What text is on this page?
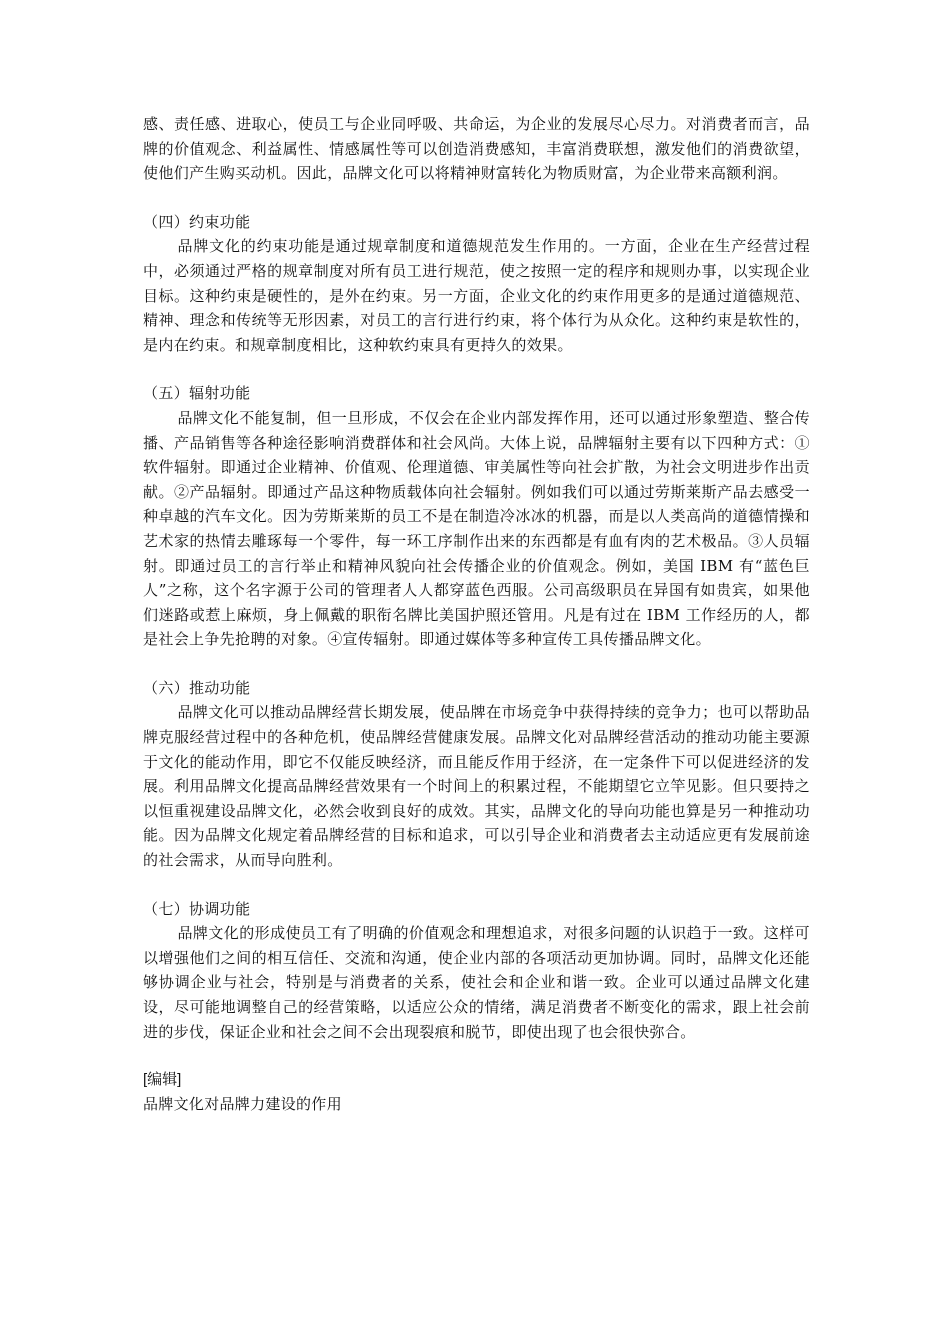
感、责任感、进取心，使员工与企业同呼吸、共命运，为企业的发展尽心尽力。对消费者而言，品牌的价值观念、利益属性、情感属性等可以创造消费感知，丰富消费联想，激发他们的消费欲望，使他们产生购买动机。因此，品牌文化可以将精神财富转化为物质财富，为企业带来高额利润。

（四）约束功能

品牌文化的约束功能是通过规章制度和道德规范发生作用的。一方面，企业在生产经营过程中，必须通过严格的规章制度对所有员工进行规范，使之按照一定的程序和规则办事，以实现企业目标。这种约束是硬性的，是外在约束。另一方面，企业文化的约束作用更多的是通过道德规范、精神、理念和传统等无形因素，对员工的言行进行约束，将个体行为从众化。这种约束是软性的，是内在约束。和规章制度相比，这种软约束具有更持久的效果。

（五）辐射功能

品牌文化不能复制，但一旦形成，不仅会在企业内部发挥作用，还可以通过形象塑造、整合传播、产品销售等各种途径影响消费群体和社会风尚。大体上说，品牌辐射主要有以下四种方式：①软件辐射。即通过企业精神、价值观、伦理道德、审美属性等向社会扩散，为社会文明进步作出贡献。②产品辐射。即通过产品这种物质载体向社会辐射。例如我们可以通过劳斯莱斯产品去感受一种卓越的汽车文化。因为劳斯莱斯的员工不是在制造冷冰冰的机器，而是以人类高尚的道德情操和艺术家的热情去雕琢每一个零件，每一环工序制作出来的东西都是有血有肉的艺术极品。③人员辐射。即通过员工的言行举止和精神风貌向社会传播企业的价值观念。例如，美国 IBM 有“蓝色巨人”之称，这个名字源于公司的管理者人人都穿蓝色西服。公司高级职员在异国有如贵宾，如果他们迷路或惹上麻烦，身上佩戴的职衔名牌比美国护照还管用。凡是有过在 IBM 工作经历的人，都是社会上争先抢聘的对象。④宣传辐射。即通过媒体等多种宣传工具传播品牌文化。

（六）推动功能

品牌文化可以推动品牌经营长期发展，使品牌在市场竞争中获得持续的竞争力；也可以帮助品牌克服经营过程中的各种危机，使品牌经营健康发展。品牌文化对品牌经营活动的推动功能主要源于文化的能动作用，即它不仅能反映经济，而且能反作用于经济，在一定条件下可以促进经济的发展。利用品牌文化提高品牌经营效果有一个时间上的积累过程，不能期望它立竿见影。但只要持之以恒重视建设品牌文化，必然会收到良好的成效。其实，品牌文化的导向功能也算是另一种推动功能。因为品牌文化规定着品牌经营的目标和追求，可以引导企业和消费者去主动适应更有发展前途的社会需求，从而导向胜利。

（七）协调功能

品牌文化的形成使员工有了明确的价值观念和理想追求，对很多问题的认识趋于一致。这样可以增强他们之间的相互信任、交流和沟通，使企业内部的各项活动更加协调。同时，品牌文化还能够协调企业与社会，特别是与消费者的关系，使社会和企业和谐一致。企业可以通过品牌文化建设，尽可能地调整自己的经营策略，以适应公众的情绪，满足消费者不断变化的需求，跟上社会前进的步伐，保证企业和社会之间不会出现裂痕和脱节，即使出现了也会很快弥合。

[编辑]

品牌文化对品牌力建设的作用
